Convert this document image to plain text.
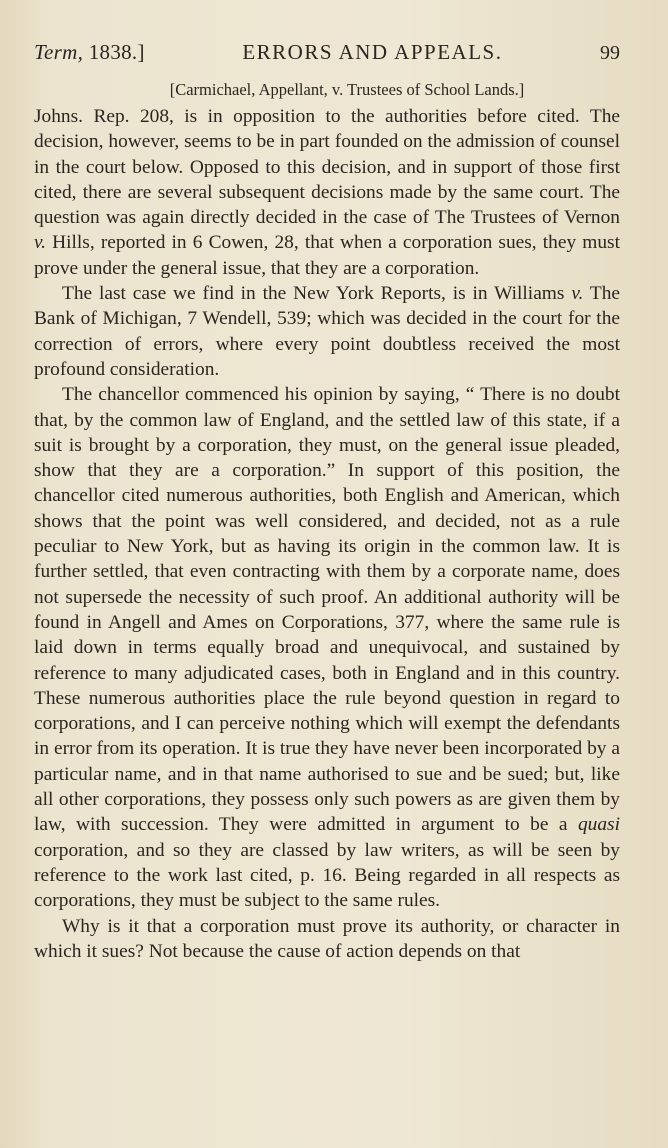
Term, 1838.]	ERRORS AND APPEALS.	99
[Carmichael, Appellant, v. Trustees of School Lands.]

Johns. Rep. 208, is in opposition to the authorities before cited. The decision, however, seems to be in part founded on the admission of counsel in the court below. Opposed to this decision, and in support of those first cited, there are several subsequent decisions made by the same court. The question was again directly decided in the case of The Trustees of Vernon v. Hills, reported in 6 Cowen, 28, that when a corporation sues, they must prove under the general issue, that they are a corporation.

The last case we find in the New York Reports, is in Williams v. The Bank of Michigan, 7 Wendell, 539; which was decided in the court for the correction of errors, where every point doubtless received the most profound consideration.

The chancellor commenced his opinion by saying, “ There is no doubt that, by the common law of England, and the settled law of this state, if a suit is brought by a corporation, they must, on the general issue pleaded, show that they are a corporation.” In support of this position, the chancellor cited numerous authorities, both English and American, which shows that the point was well considered, and decided, not as a rule peculiar to New York, but as having its origin in the common law. It is further settled, that even contracting with them by a corporate name, does not supersede the necessity of such proof. An additional authority will be found in Angell and Ames on Corporations, 377, where the same rule is laid down in terms equally broad and unequivocal, and sustained by reference to many adjudicated cases, both in England and in this country. These numerous authorities place the rule beyond question in regard to corporations, and I can perceive nothing which will exempt the defendants in error from its operation. It is true they have never been incorporated by a particular name, and in that name authorised to sue and be sued; but, like all other corporations, they possess only such powers as are given them by law, with succession. They were admitted in argument to be a quasi corporation, and so they are classed by law writers, as will be seen by reference to the work last cited, p. 16. Being regarded in all respects as corporations, they must be subject to the same rules.

Why is it that a corporation must prove its authority, or character in which it sues? Not because the cause of action depends on that
